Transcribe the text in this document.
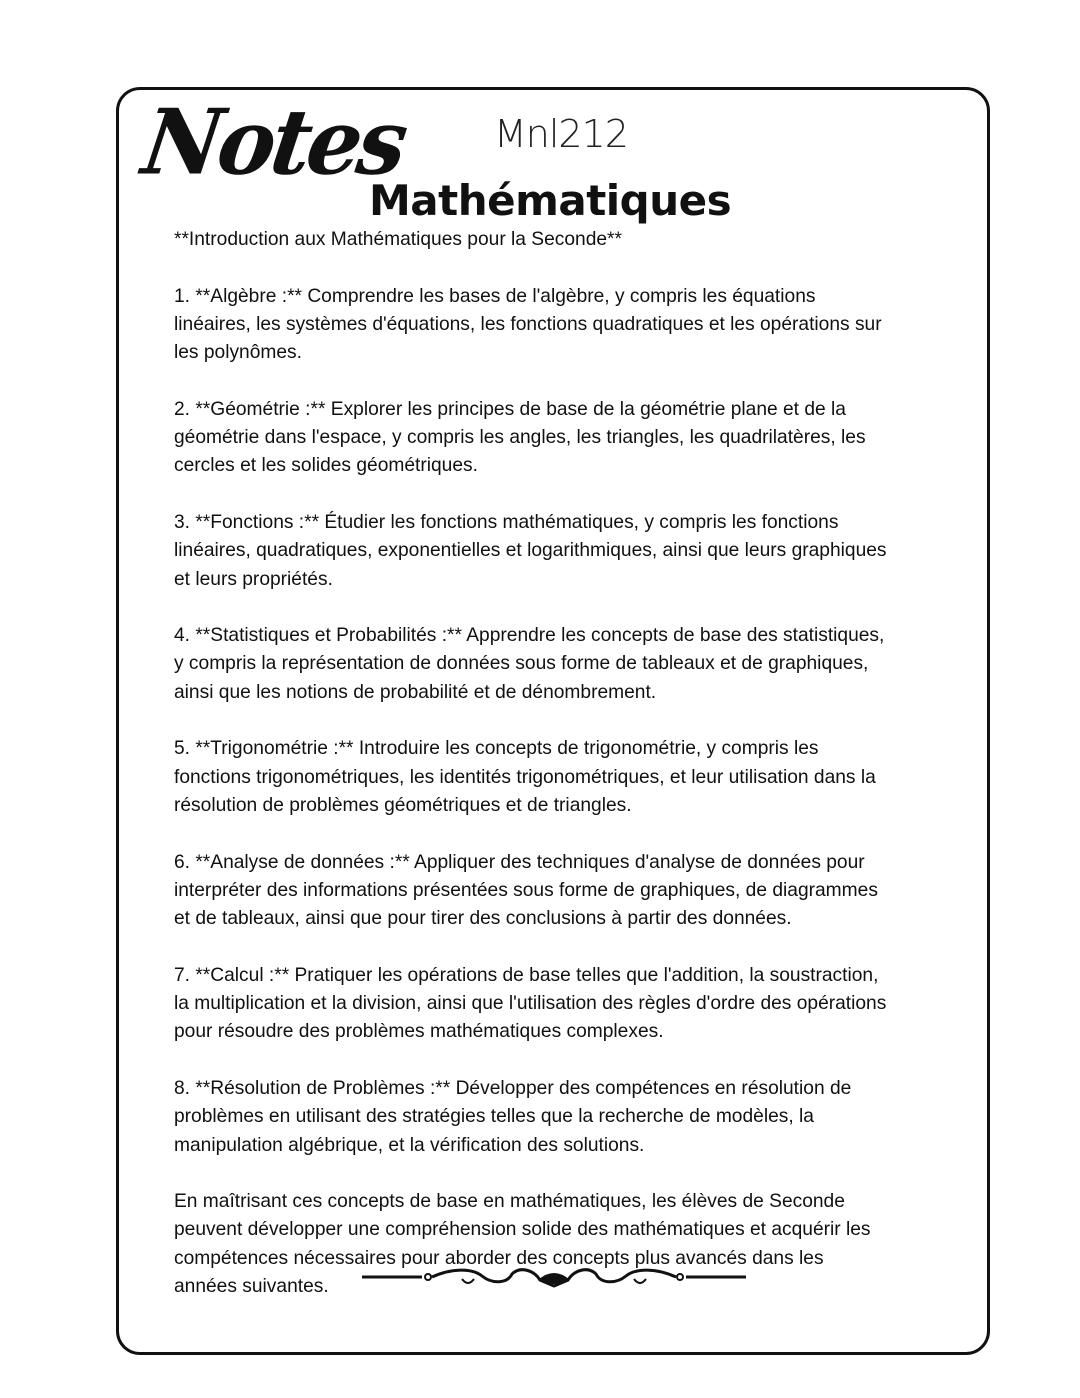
Notes Mnl212
Mathématiques
**Introduction aux Mathématiques pour la Seconde**
1. **Algèbre :** Comprendre les bases de l'algèbre, y compris les équations
linéaires, les systèmes d'équations, les fonctions quadratiques et les opérations sur
les polynômes.
2. **Géométrie :** Explorer les principes de base de la géométrie plane et de la
géométrie dans l'espace, y compris les angles, les triangles, les quadrilatères, les
cercles et les solides géométriques.
3. **Fonctions :** Étudier les fonctions mathématiques, y compris les fonctions
linéaires, quadratiques, exponentielles et logarithmiques, ainsi que leurs graphiques
et leurs propriétés.
4. **Statistiques et Probabilités :** Apprendre les concepts de base des statistiques,
y compris la représentation de données sous forme de tableaux et de graphiques,
ainsi que les notions de probabilité et de dénombrement.
5. **Trigonométrie :** Introduire les concepts de trigonométrie, y compris les
fonctions trigonométriques, les identités trigonométriques, et leur utilisation dans la
résolution de problèmes géométriques et de triangles.
6. **Analyse de données :** Appliquer des techniques d'analyse de données pour
interpréter des informations présentées sous forme de graphiques, de diagrammes
et de tableaux, ainsi que pour tirer des conclusions à partir des données.
7. **Calcul :** Pratiquer les opérations de base telles que l'addition, la soustraction,
la multiplication et la division, ainsi que l'utilisation des règles d'ordre des opérations
pour résoudre des problèmes mathématiques complexes.
8. **Résolution de Problèmes :** Développer des compétences en résolution de
problèmes en utilisant des stratégies telles que la recherche de modèles, la
manipulation algébrique, et la vérification des solutions.
En maîtrisant ces concepts de base en mathématiques, les élèves de Seconde
peuvent développer une compréhension solide des mathématiques et acquérir les
compétences nécessaires pour aborder des concepts plus avancés dans les
années suivantes.
